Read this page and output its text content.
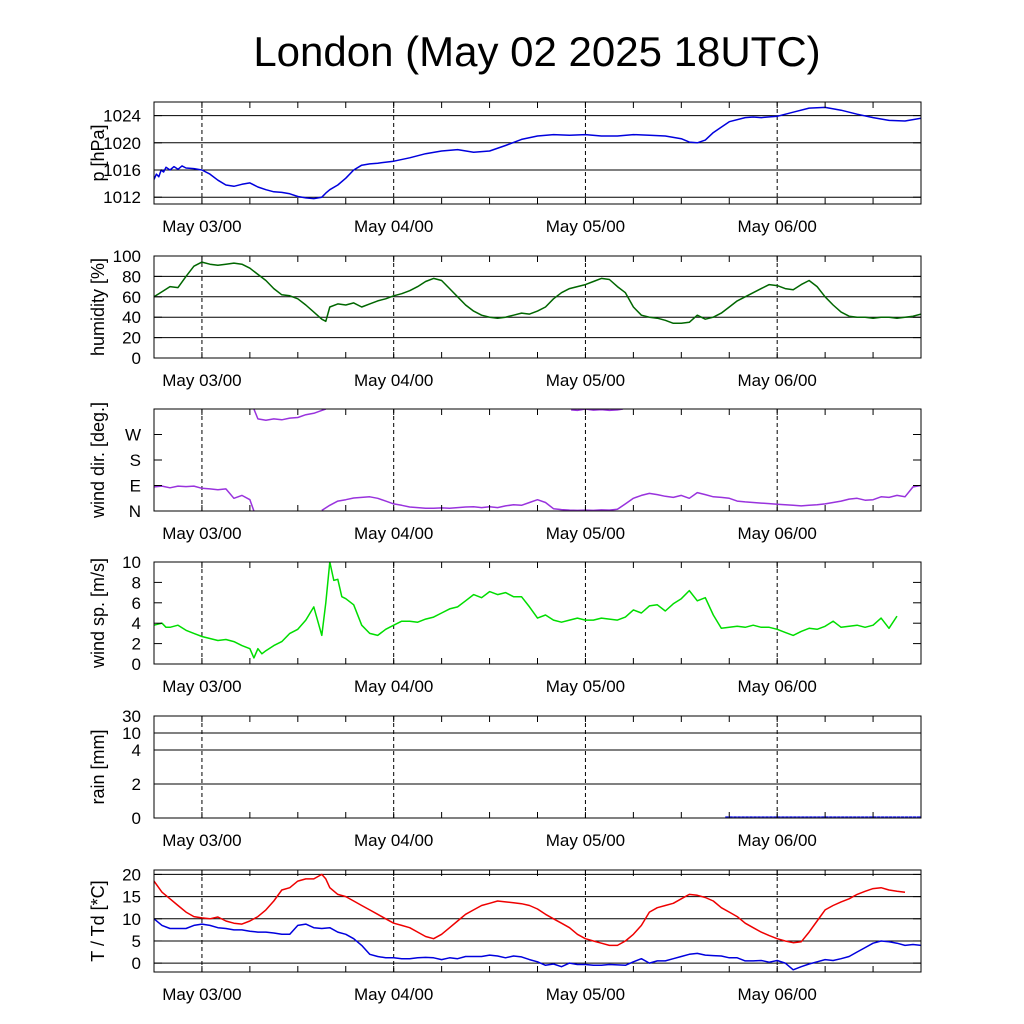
London (May 02 2025 18UTC)
1012
1016
1020
1024
May 03/00	May 04/00	May 05/00	May 06/00
p [hPa]
0
20
40
60
80
100
May 03/00	May 04/00	May 05/00	May 06/00
humidity [%]
N
E
S
W
May 03/00	May 04/00	May 05/00	May 06/00
wind dir. [deg.]
0
2
4
6
8
10
May 03/00	May 04/00	May 05/00	May 06/00
wind sp. [m/s]
0
2
4
10
30
May 03/00	May 04/00	May 05/00	May 06/00
rain [mm]
0
5
10
15
20
May 03/00	May 04/00	May 05/00	May 06/00
T / Td [*C]
